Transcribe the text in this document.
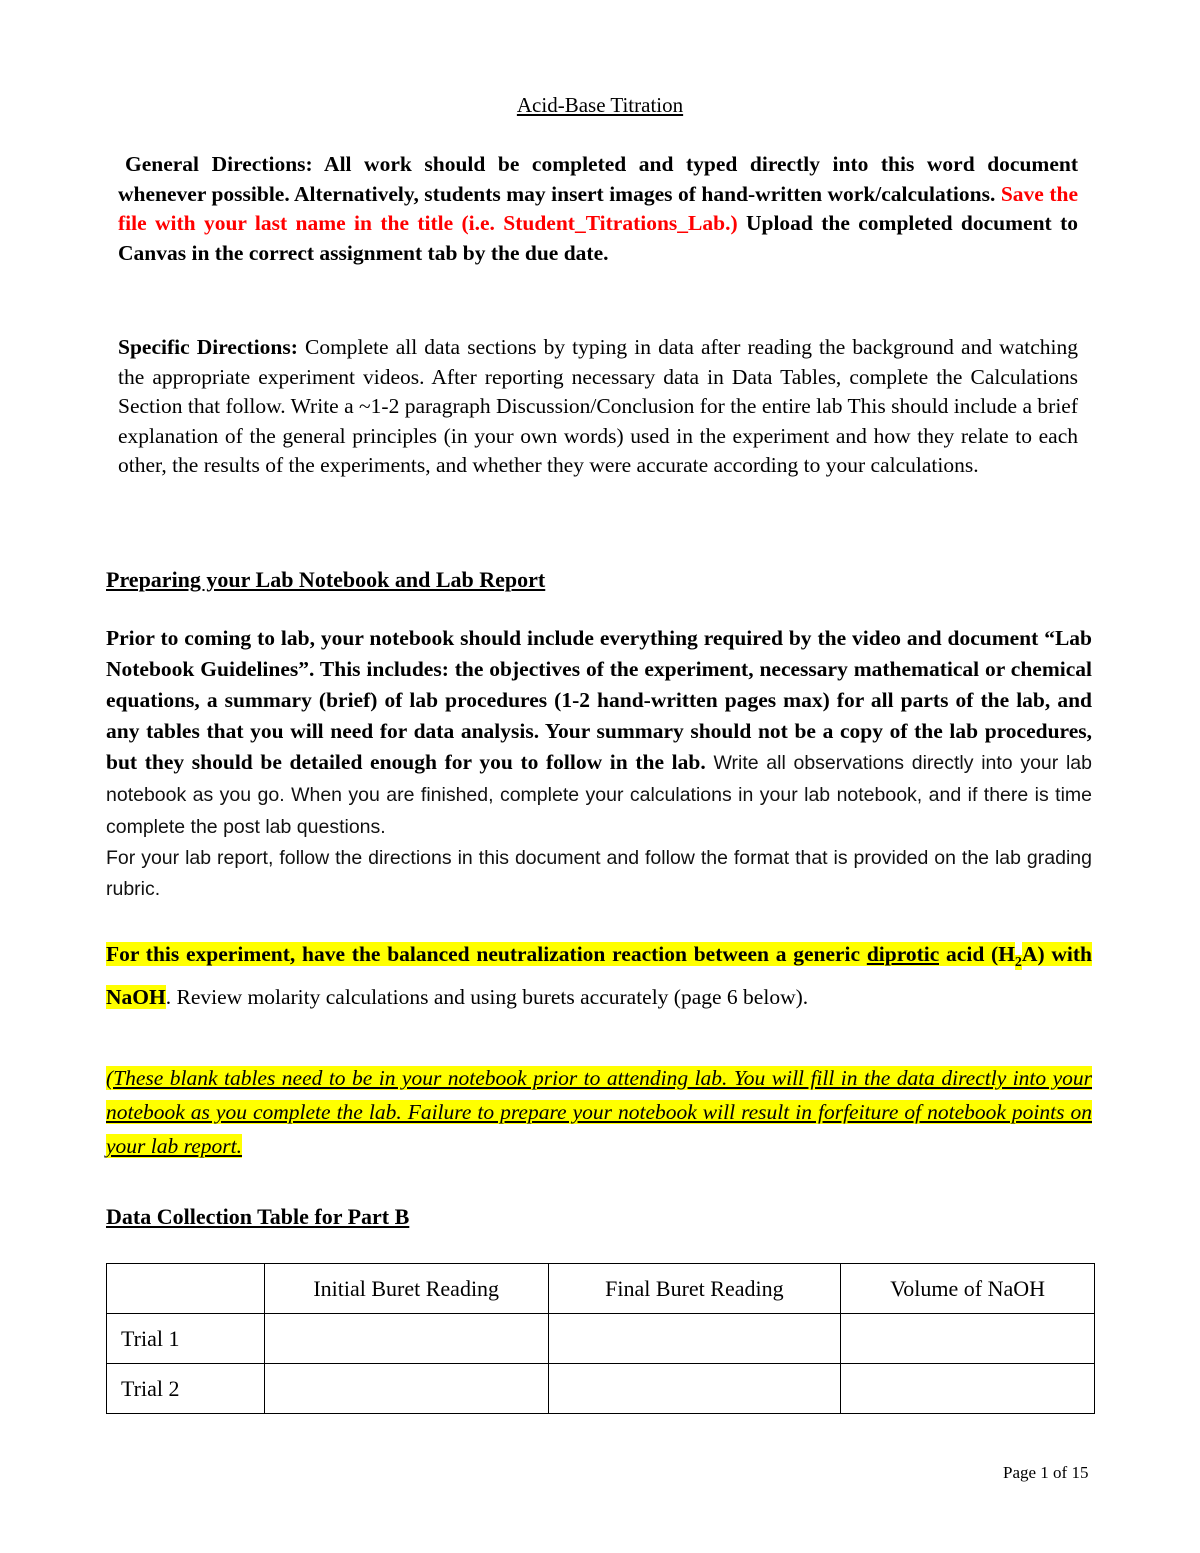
Acid-Base Titration
General Directions: All work should be completed and typed directly into this word document whenever possible. Alternatively, students may insert images of hand-written work/calculations. Save the file with your last name in the title (i.e. Student_Titrations_Lab.) Upload the completed document to Canvas in the correct assignment tab by the due date.
Specific Directions: Complete all data sections by typing in data after reading the background and watching the appropriate experiment videos. After reporting necessary data in Data Tables, complete the Calculations Section that follow. Write a ~1-2 paragraph Discussion/Conclusion for the entire lab This should include a brief explanation of the general principles (in your own words) used in the experiment and how they relate to each other, the results of the experiments, and whether they were accurate according to your calculations.
Preparing your Lab Notebook and Lab Report
Prior to coming to lab, your notebook should include everything required by the video and document “Lab Notebook Guidelines”. This includes: the objectives of the experiment, necessary mathematical or chemical equations, a summary (brief) of lab procedures (1-2 hand-written pages max) for all parts of the lab, and any tables that you will need for data analysis. Your summary should not be a copy of the lab procedures, but they should be detailed enough for you to follow in the lab. Write all observations directly into your lab notebook as you go. When you are finished, complete your calculations in your lab notebook, and if there is time complete the post lab questions.
For your lab report, follow the directions in this document and follow the format that is provided on the lab grading rubric.
For this experiment, have the balanced neutralization reaction between a generic diprotic acid $(H_2A)$ with NaOH. Review molarity calculations and using burets accurately (page 6 below).
(These blank tables need to be in your notebook prior to attending lab. You will fill in the data directly into your notebook as you complete the lab. Failure to prepare your notebook will result in forfeiture of notebook points on your lab report.
Data Collection Table for Part B
	Initial Buret Reading	Final Buret Reading	Volume of NaOH
Trial 1			
Trial 2			
Page 1 of 15
